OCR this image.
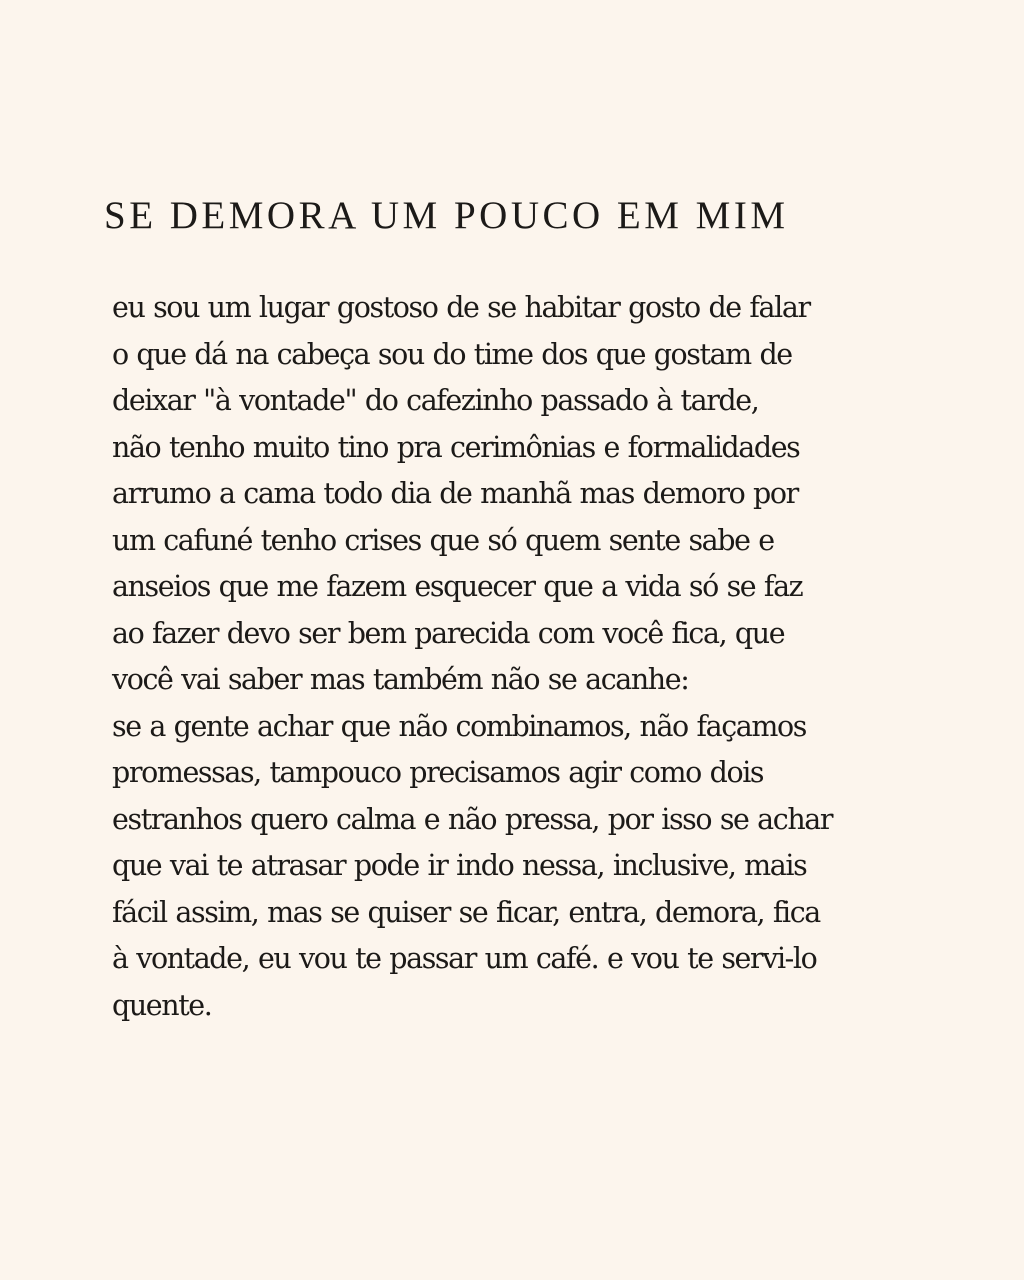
SE DEMORA UM POUCO EM MIM
eu sou um lugar gostoso de se habitar gosto de falar
o que dá na cabeça sou do time dos que gostam de
deixar "à vontade" do cafezinho passado à tarde,
não tenho muito tino pra cerimônias e formalidades
arrumo a cama todo dia de manhã mas demoro por
um cafuné tenho crises que só quem sente sabe e
anseios que me fazem esquecer que a vida só se faz
ao fazer devo ser bem parecida com você fica, que
você vai saber mas também não se acanhe:
se a gente achar que não combinamos, não façamos
promessas, tampouco precisamos agir como dois
estranhos quero calma e não pressa, por isso se achar
que vai te atrasar pode ir indo nessa, inclusive, mais
fácil assim, mas se quiser se ficar, entra, demora, fica
à vontade, eu vou te passar um café. e vou te servi-lo
quente.
